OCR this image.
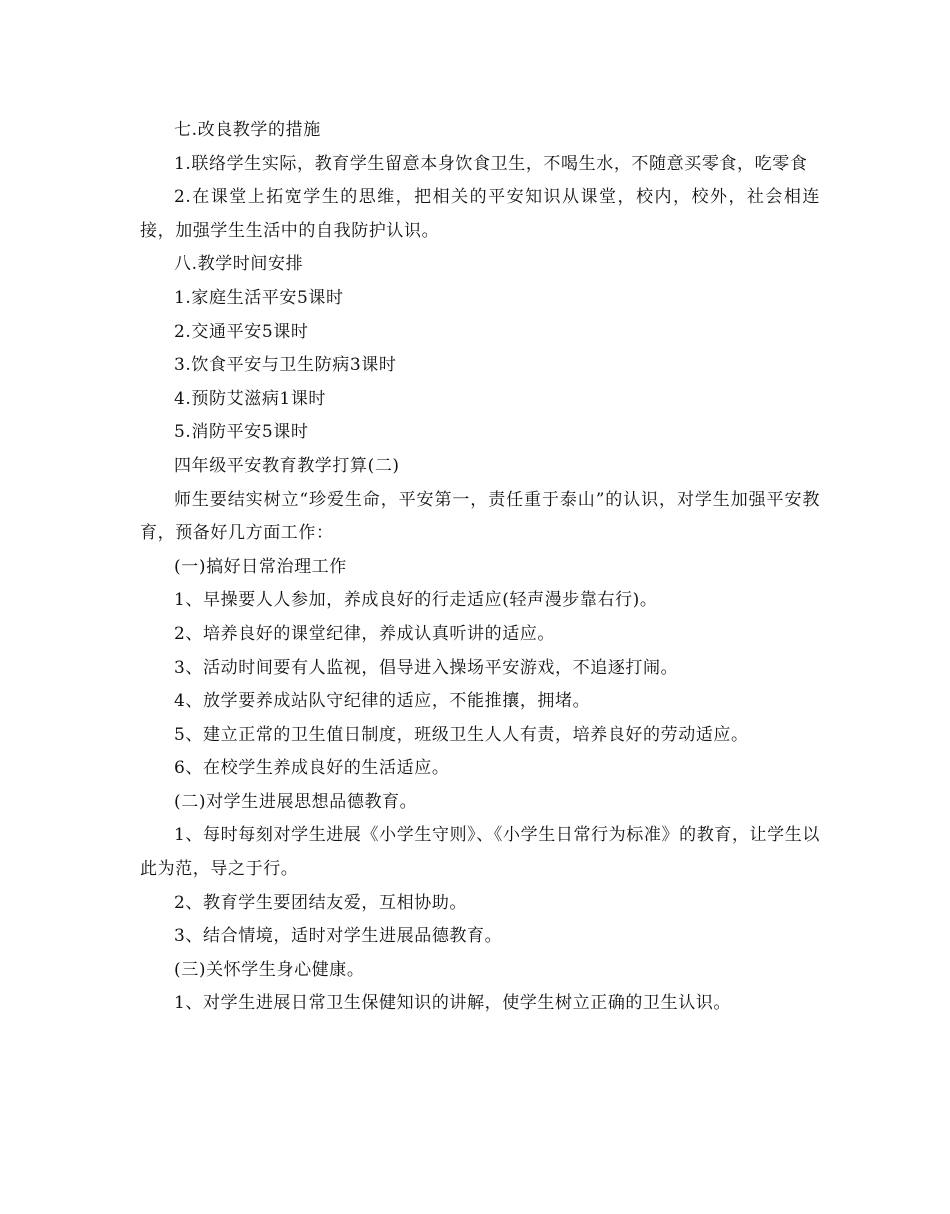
七.改良教学的措施

1.联络学生实际，教育学生留意本身饮食卫生，不喝生水，不随意买零食，吃零食

2.在课堂上拓宽学生的思维，把相关的平安知识从课堂，校内，校外，社会相连接，加强学生生活中的自我防护认识。

八.教学时间安排

1.家庭生活平安5课时

2.交通平安5课时

3.饮食平安与卫生防病3课时

4.预防艾滋病1课时

5.消防平安5课时

四年级平安教育教学打算(二)

师生要结实树立“珍爱生命，平安第一，责任重于泰山”的认识，对学生加强平安教育，预备好几方面工作：

(一)搞好日常治理工作

1、早操要人人参加，养成良好的行走适应(轻声漫步靠右行)。

2、培养良好的课堂纪律，养成认真听讲的适应。

3、活动时间要有人监视，倡导进入操场平安游戏，不追逐打闹。

4、放学要养成站队守纪律的适应，不能推攘，拥堵。

5、建立正常的卫生值日制度，班级卫生人人有责，培养良好的劳动适应。

6、在校学生养成良好的生活适应。

(二)对学生进展思想品德教育。

1、每时每刻对学生进展《小学生守则》、《小学生日常行为标准》的教育，让学生以此为范，导之于行。

2、教育学生要团结友爱，互相协助。

3、结合情境，适时对学生进展品德教育。

(三)关怀学生身心健康。

1、对学生进展日常卫生保健知识的讲解，使学生树立正确的卫生认识。
